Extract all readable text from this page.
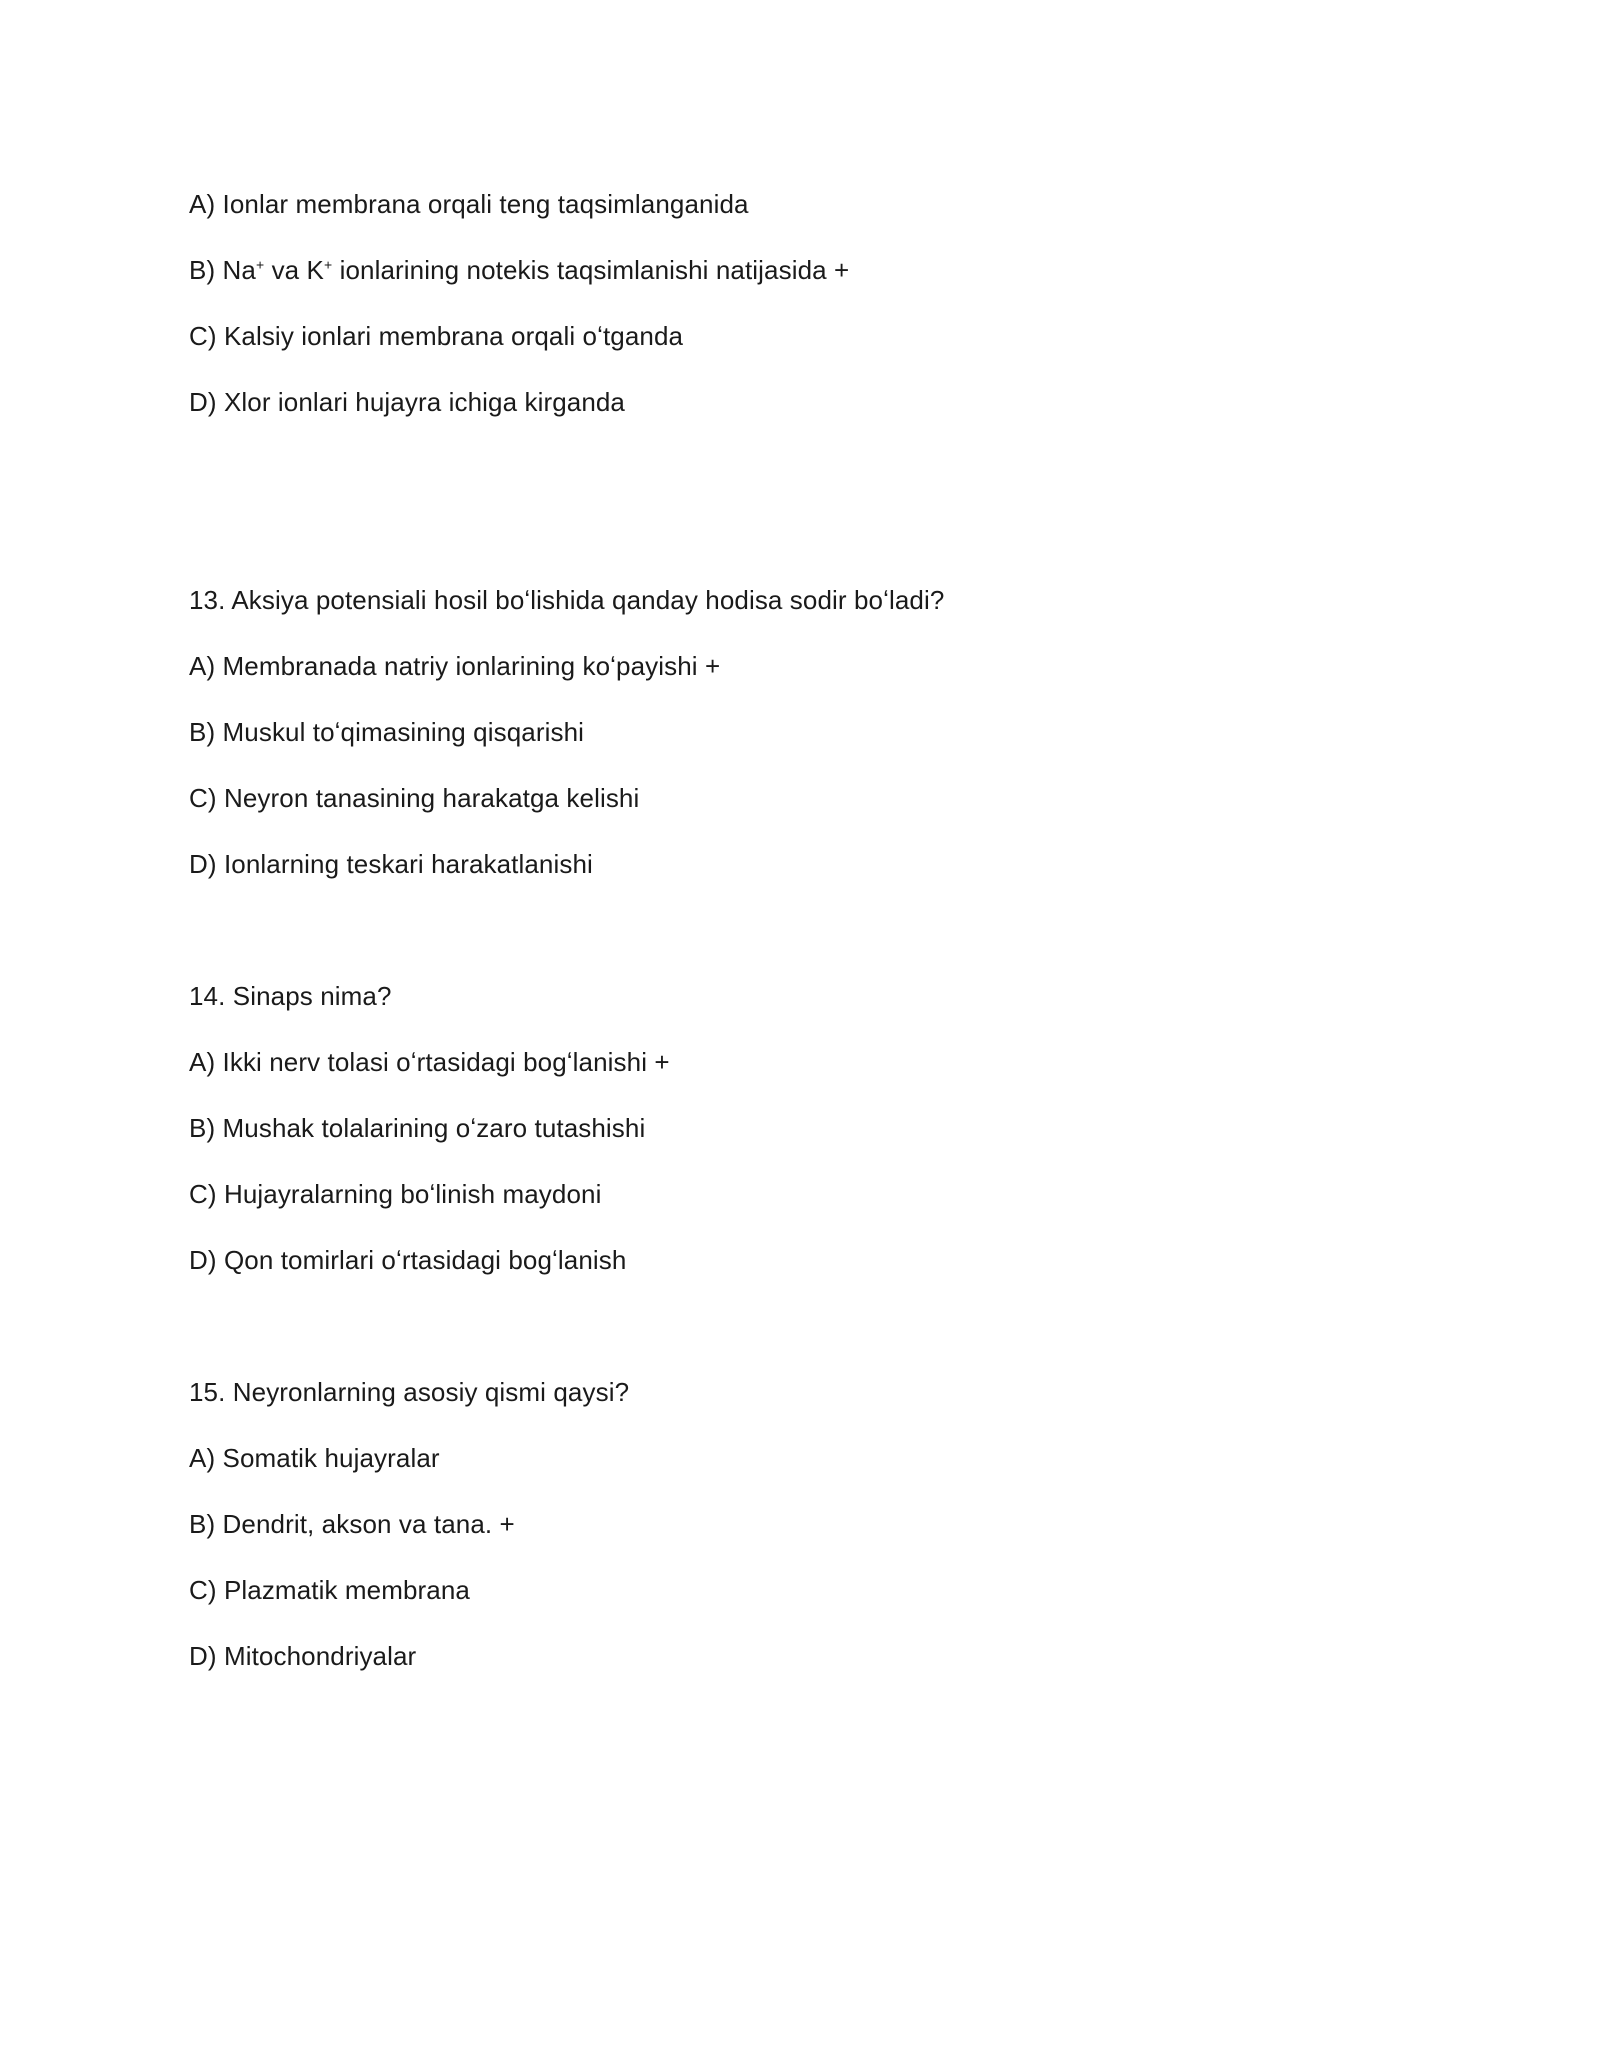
A) Ionlar membrana orqali teng taqsimlanganida
B) Na+ va K+ ionlarining notekis taqsimlanishi natijasida +
C) Kalsiy ionlari membrana orqali oʻtganda
D) Xlor ionlari hujayra ichiga kirganda
13. Aksiya potensiali hosil boʻlishida qanday hodisa sodir boʻladi?
A) Membranada natriy ionlarining koʻpayishi +
B) Muskul toʻqimasining qisqarishi
C) Neyron tanasining harakatga kelishi
D) Ionlarning teskari harakatlanishi
14. Sinaps nima?
A) Ikki nerv tolasi oʻrtasidagi bogʻlanishi +
B) Mushak tolalarining oʻzaro tutashishi
C) Hujayralarning boʻlinish maydoni
D) Qon tomirlari oʻrtasidagi bogʻlanish
15. Neyronlarning asosiy qismi qaysi?
A) Somatik hujayralar
B) Dendrit, akson va tana. +
C) Plazmatik membrana
D) Mitochondriyalar
